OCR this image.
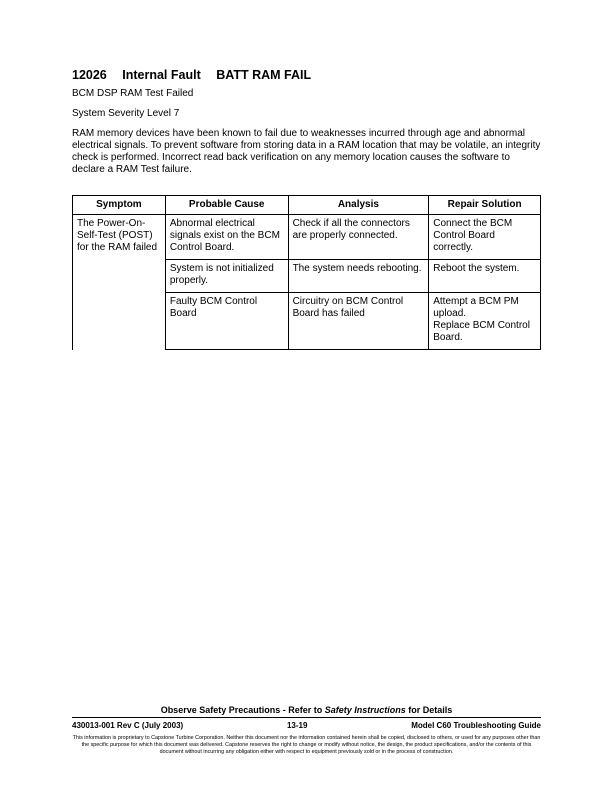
12026 Internal Fault BATT RAM FAIL

BCM DSP RAM Test Failed

System Severity Level 7

RAM memory devices have been known to fail due to weaknesses incurred through age and abnormal electrical signals. To prevent software from storing data in a RAM location that may be volatile, an integrity check is performed. Incorrect read back verification on any memory location causes the software to declare a RAM Test failure.

Symptom	Probable Cause	Analysis	Repair Solution
The Power-On-Self-Test (POST) for the RAM failed	Abnormal electrical signals exist on the BCM Control Board.	Check if all the connectors are properly connected.	Connect the BCM Control Board correctly.

	System is not initialized properly.	The system needs rebooting.	Reboot the system.

	Faulty BCM Control Board	Circuitry on BCM Control Board has failed	Attempt a BCM PM upload.
Replace BCM Control Board.
Observe Safety Precautions - Refer to Safety Instructions for Details
430013-001 Rev C (July 2003)	13-19	Model C60 Troubleshooting Guide
This information is proprietary to Capstone Turbine Corporation. Neither this document nor the information contained herein shall be copied, disclosed to others, or used for any purposes other than the specific purpose for which this document was delivered. Capstone reserves the right to change or modify without notice, the design, the product specifications, and/or the contents of this document without incurring any obligation either with respect to equipment previously sold or in the process of construction.
